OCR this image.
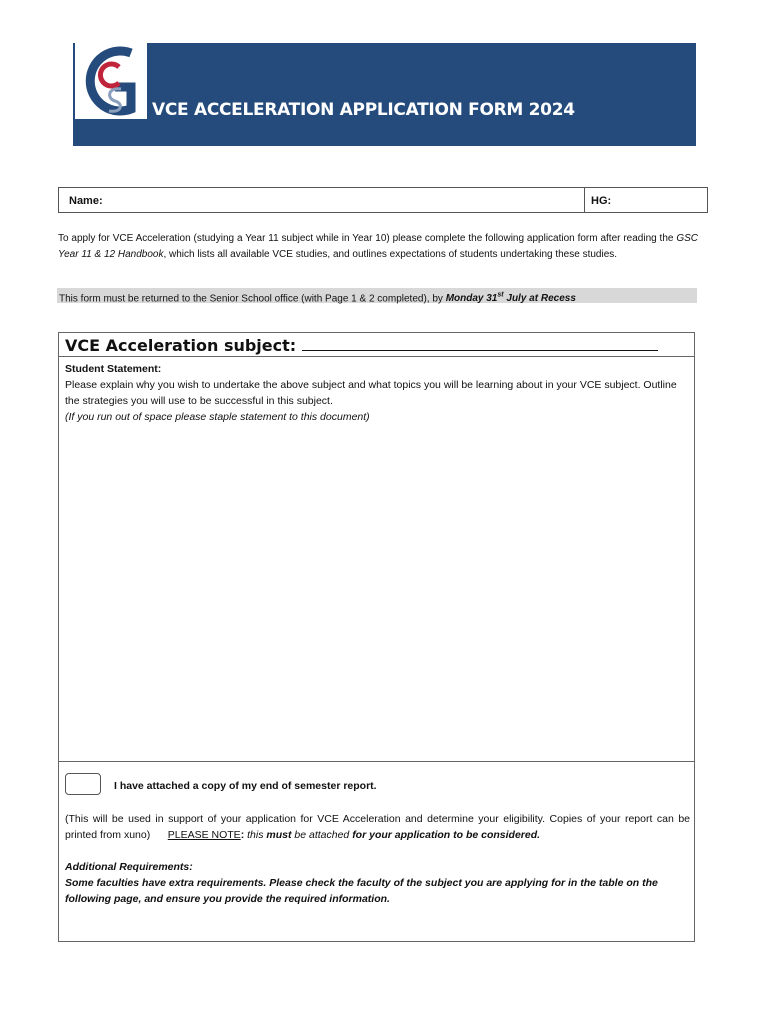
VCE ACCELERATION APPLICATION FORM 2024
Name:	HG:
To apply for VCE Acceleration (studying a Year 11 subject while in Year 10) please complete the following application form after reading the GSC Year 11 & 12 Handbook, which lists all available VCE studies, and outlines expectations of students undertaking these studies.
This form must be returned to the Senior School office (with Page 1 & 2 completed), by Monday 31st July at Recess
VCE Acceleration subject:
Student Statement:
Please explain why you wish to undertake the above subject and what topics you will be learning about in your VCE subject. Outline the strategies you will use to be successful in this subject.
(If you run out of space please staple statement to this document)
I have attached a copy of my end of semester report.
(This will be used in support of your application for VCE Acceleration and determine your eligibility. Copies of your report can be printed from xuno) PLEASE NOTE: this must be attached for your application to be considered.
Additional Requirements:
Some faculties have extra requirements. Please check the faculty of the subject you are applying for in the table on the following page, and ensure you provide the required information.
